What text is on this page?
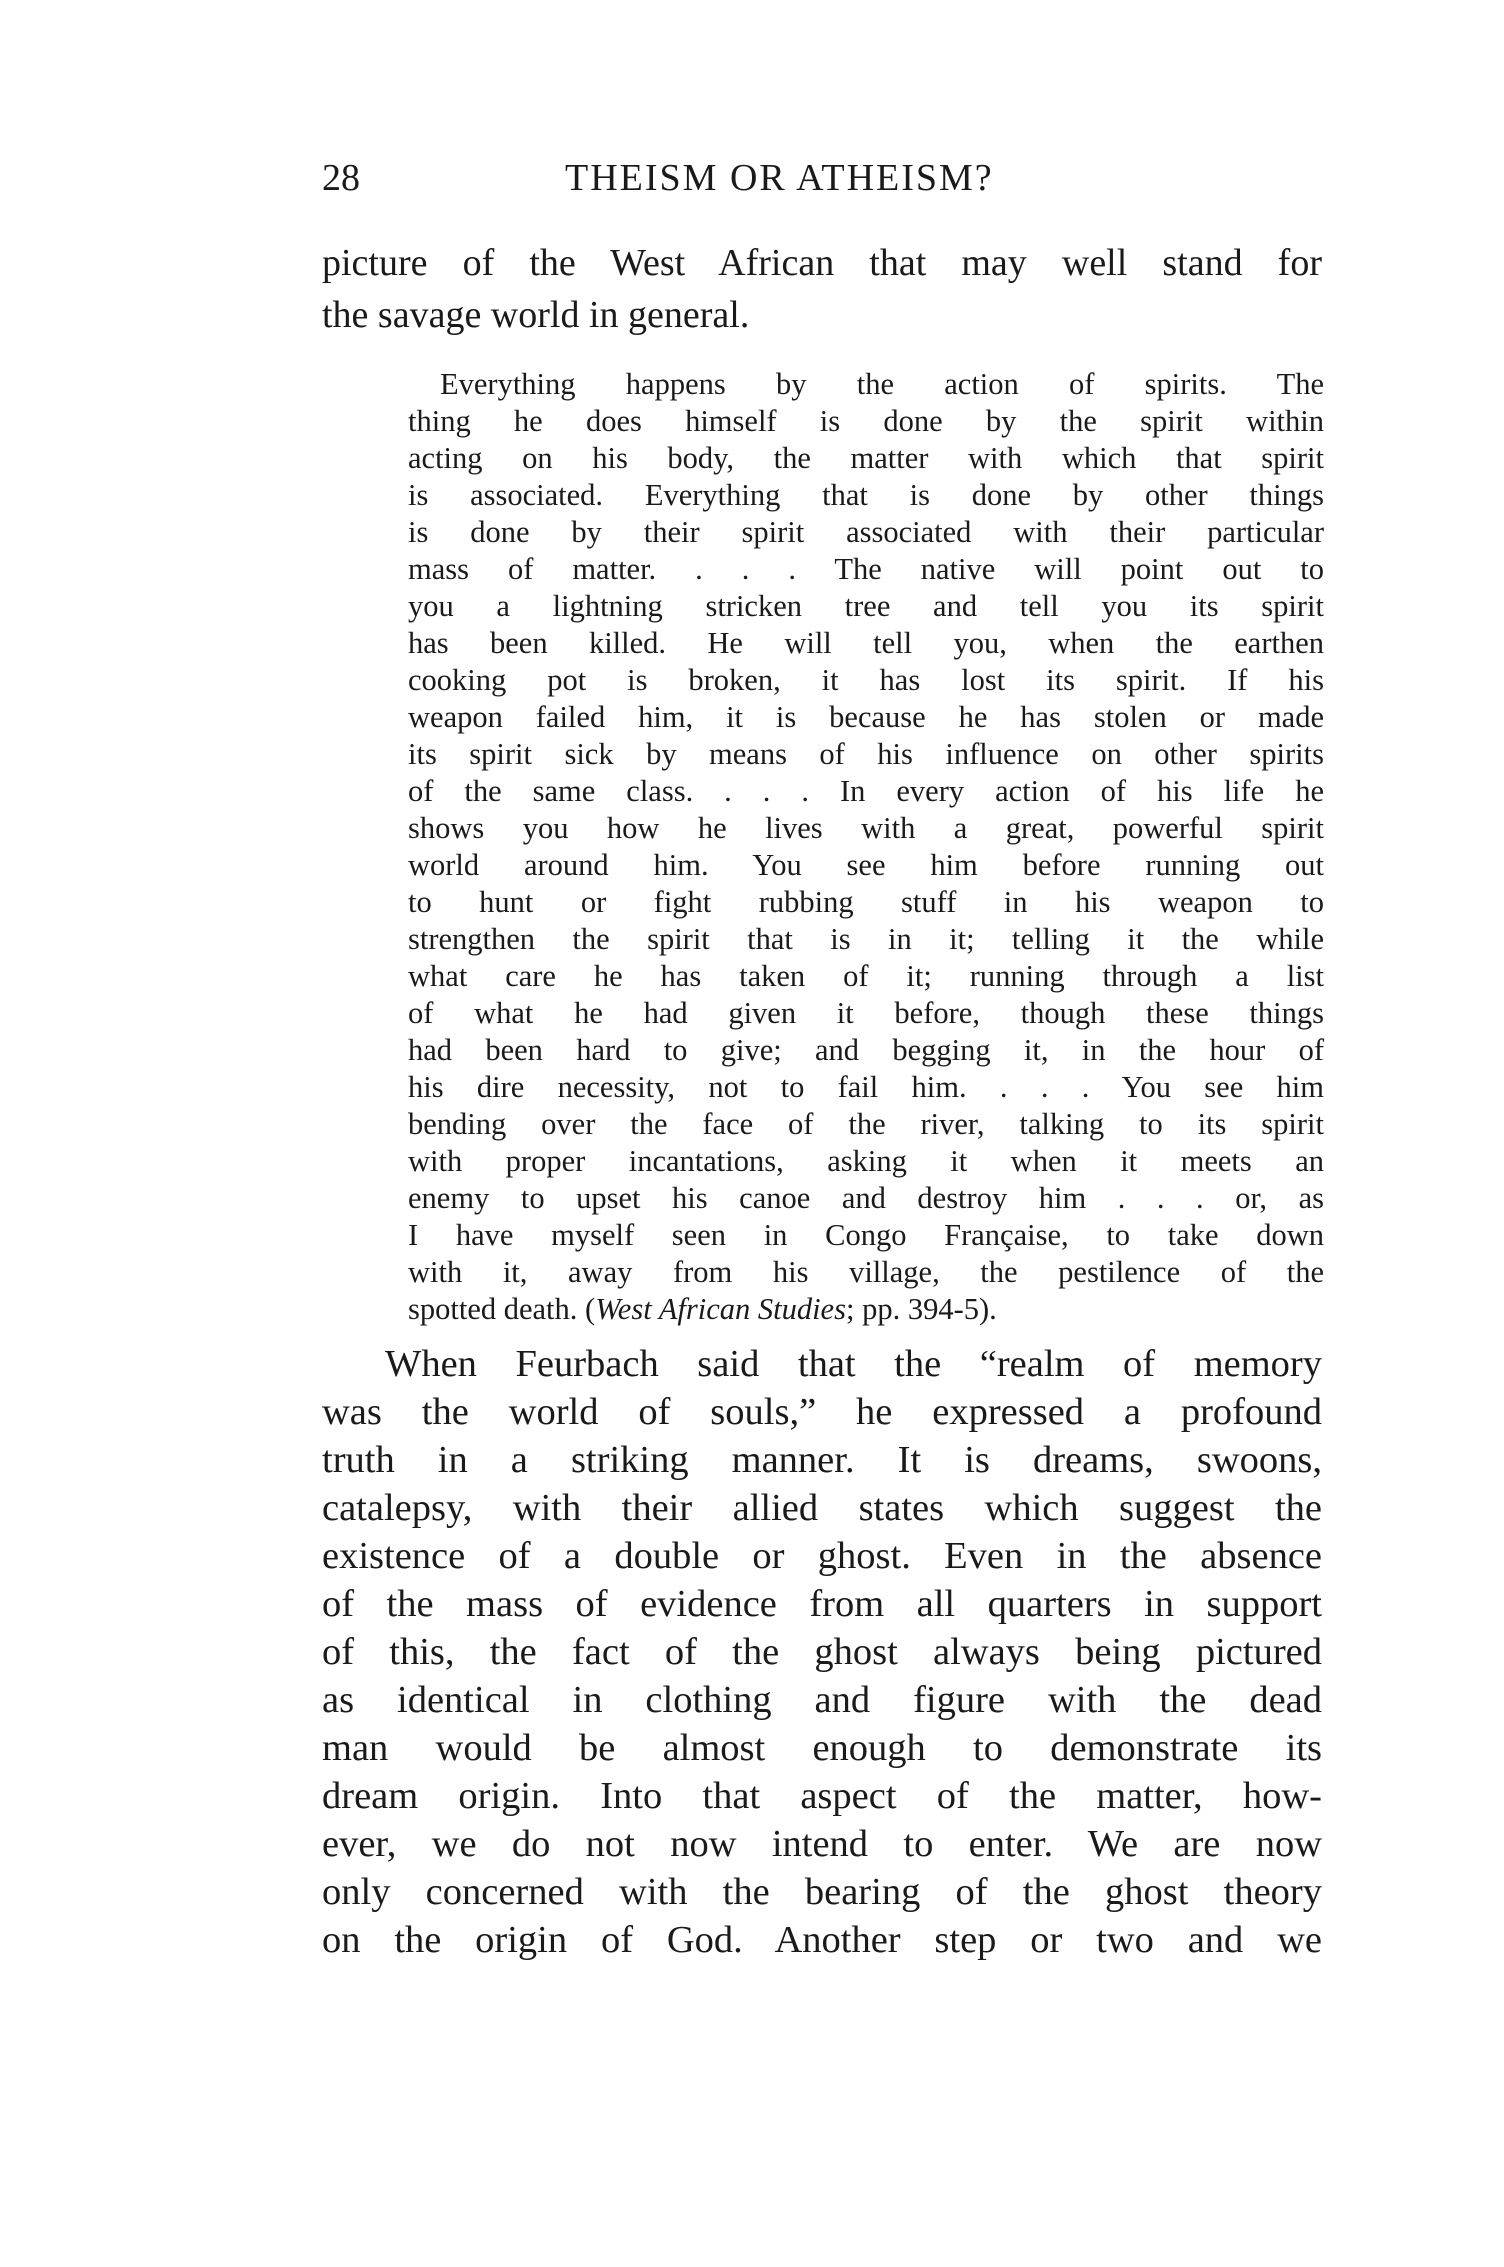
28	THEISM OR ATHEISM?
picture of the West African that may well stand for
the savage world in general.
Everything happens by the action of spirits. The
thing he does himself is done by the spirit within
acting on his body, the matter with which that spirit
is associated. Everything that is done by other things
is done by their spirit associated with their particular
mass of matter. . . . The native will point out to
you a lightning stricken tree and tell you its spirit
has been killed. He will tell you, when the earthen
cooking pot is broken, it has lost its spirit. If his
weapon failed him, it is because he has stolen or made
its spirit sick by means of his influence on other spirits
of the same class. . . . In every action of his life he
shows you how he lives with a great, powerful spirit
world around him. You see him before running out
to hunt or fight rubbing stuff in his weapon to
strengthen the spirit that is in it; telling it the while
what care he has taken of it; running through a list
of what he had given it before, though these things
had been hard to give; and begging it, in the hour of
his dire necessity, not to fail him. . . . You see him
bending over the face of the river, talking to its spirit
with proper incantations, asking it when it meets an
enemy to upset his canoe and destroy him . . . or, as
I have myself seen in Congo Française, to take down
with it, away from his village, the pestilence of the
spotted death. (West African Studies; pp. 394-5).
When Feurbach said that the “realm of memory
was the world of souls,” he expressed a profound
truth in a striking manner. It is dreams, swoons,
catalepsy, with their allied states which suggest the
existence of a double or ghost. Even in the absence
of the mass of evidence from all quarters in support
of this, the fact of the ghost always being pictured
as identical in clothing and figure with the dead
man would be almost enough to demonstrate its
dream origin. Into that aspect of the matter, how-
ever, we do not now intend to enter. We are now
only concerned with the bearing of the ghost theory
on the origin of God. Another step or two and we
